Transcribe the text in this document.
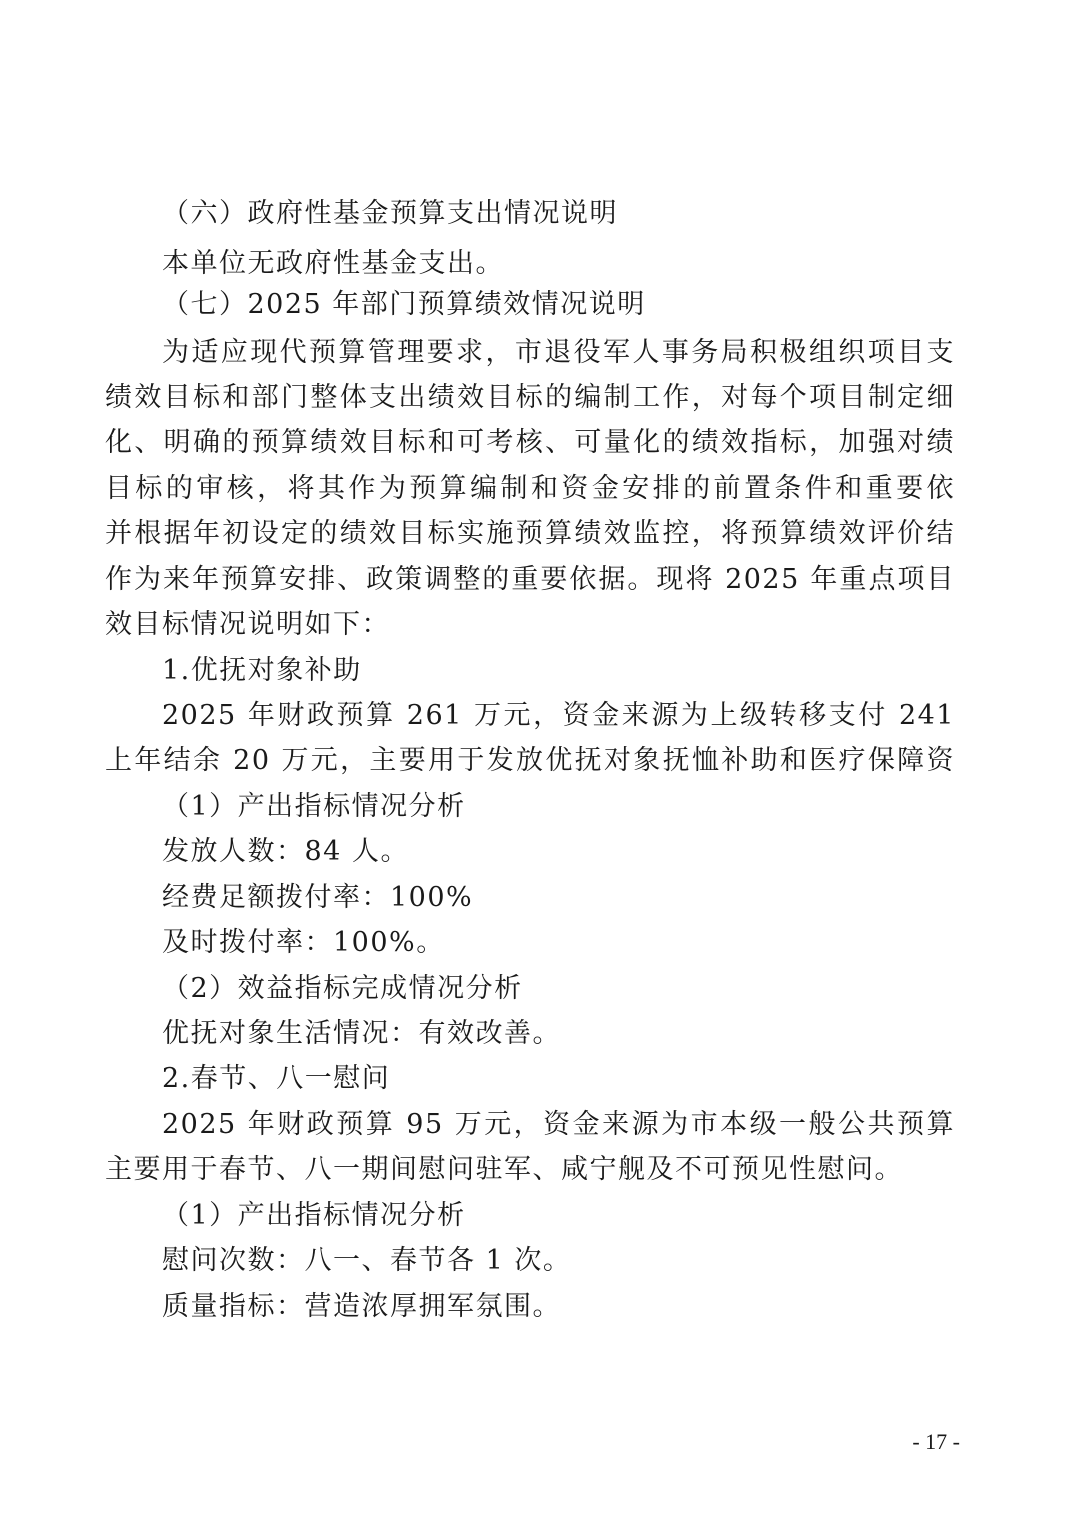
（六）政府性基金预算支出情况说明
本单位无政府性基金支出。
（七）2025 年部门预算绩效情况说明
为适应现代预算管理要求，市退役军人事务局积极组织项目支
绩效目标和部门整体支出绩效目标的编制工作，对每个项目制定细
化、明确的预算绩效目标和可考核、可量化的绩效指标，加强对绩
目标的审核，将其作为预算编制和资金安排的前置条件和重要依
并根据年初设定的绩效目标实施预算绩效监控，将预算绩效评价结
作为来年预算安排、政策调整的重要依据。现将 2025 年重点项目
效目标情况说明如下：
1.优抚对象补助
2025 年财政预算 261 万元，资金来源为上级转移支付 241
上年结余 20 万元，主要用于发放优抚对象抚恤补助和医疗保障资
（1）产出指标情况分析
发放人数：84 人。
经费足额拨付率：100%
及时拨付率：100%。
（2）效益指标完成情况分析
优抚对象生活情况：有效改善。
2.春节、八一慰问
2025 年财政预算 95 万元，资金来源为市本级一般公共预算
主要用于春节、八一期间慰问驻军、咸宁舰及不可预见性慰问。
（1）产出指标情况分析
慰问次数：八一、春节各 1 次。
质量指标：营造浓厚拥军氛围。
- 17 -
